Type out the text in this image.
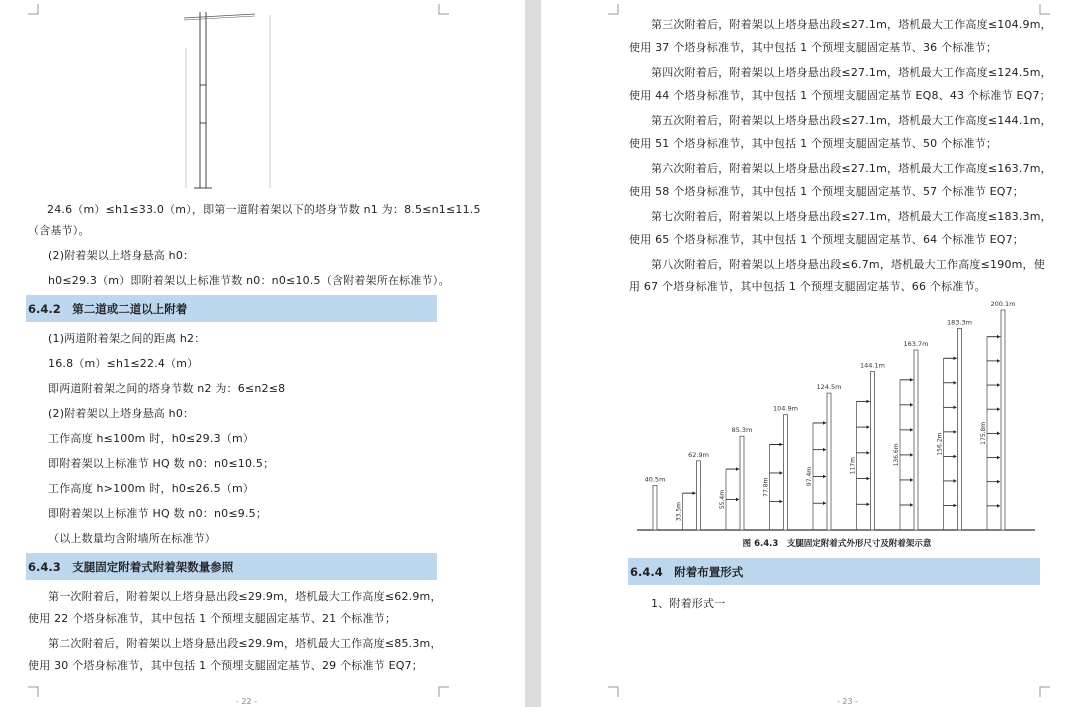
24.6（m）≤h1≤33.0（m），即第一道附着架以下的塔身节数 n1 为：8.5≤n1≤11.5
（含基节）。
(2)附着架以上塔身悬高 h0：
h0≤29.3（m）即附着架以上标准节数 n0：n0≤10.5（含附着架所在标准节）。
6.4.2　第二道或二道以上附着
(1)两道附着架之间的距离 h2：
16.8（m）≤h1≤22.4（m）
即两道附着架之间的塔身节数 n2 为：6≤n2≤8
(2)附着架以上塔身悬高 h0：
工作高度 h≤100m 时，h0≤29.3（m）
即附着架以上标准节 HQ 数 n0：n0≤10.5；
工作高度 h>100m 时，h0≤26.5（m）
即附着架以上标准节 HQ 数 n0：n0≤9.5；
（以上数量均含附墙所在标准节）
6.4.3　支腿固定附着式附着架数量参照
第一次附着后，附着架以上塔身悬出段≤29.9m，塔机最大工作高度≤62.9m，
使用 22 个塔身标准节，其中包括 1 个预埋支腿固定基节、21 个标准节；
第二次附着后，附着架以上塔身悬出段≤29.9m，塔机最大工作高度≤85.3m，
使用 30 个塔身标准节，其中包括 1 个预埋支腿固定基节、29 个标准节 EQ7；
- 22 -
第三次附着后，附着架以上塔身悬出段≤27.1m，塔机最大工作高度≤104.9m，
使用 37 个塔身标准节，其中包括 1 个预埋支腿固定基节、36 个标准节；
第四次附着后，附着架以上塔身悬出段≤27.1m，塔机最大工作高度≤124.5m，
使用 44 个塔身标准节，其中包括 1 个预埋支腿固定基节 EQ8、43 个标准节 EQ7；
第五次附着后，附着架以上塔身悬出段≤27.1m，塔机最大工作高度≤144.1m，
使用 51 个塔身标准节，其中包括 1 个预埋支腿固定基节、50 个标准节；
第六次附着后，附着架以上塔身悬出段≤27.1m，塔机最大工作高度≤163.7m，
使用 58 个塔身标准节，其中包括 1 个预埋支腿固定基节、57 个标准节 EQ7；
第七次附着后，附着架以上塔身悬出段≤27.1m，塔机最大工作高度≤183.3m，
使用 65 个塔身标准节，其中包括 1 个预埋支腿固定基节、64 个标准节 EQ7；
第八次附着后，附着架以上塔身悬出段≤6.7m，塔机最大工作高度≤190m，使
用 67 个塔身标准节，其中包括 1 个预埋支腿固定基节、66 个标准节。
40.5m
62.9m
33.5m
85.3m
55.4m
104.9m
77.8m
124.5m
97.4m
144.1m
117m
163.7m
136.6m
183.3m
156.2m
200.1m
175.8m
图 6.4.3　支腿固定附着式外形尺寸及附着架示意
6.4.4　附着布置形式
1、附着形式一
- 23 -
